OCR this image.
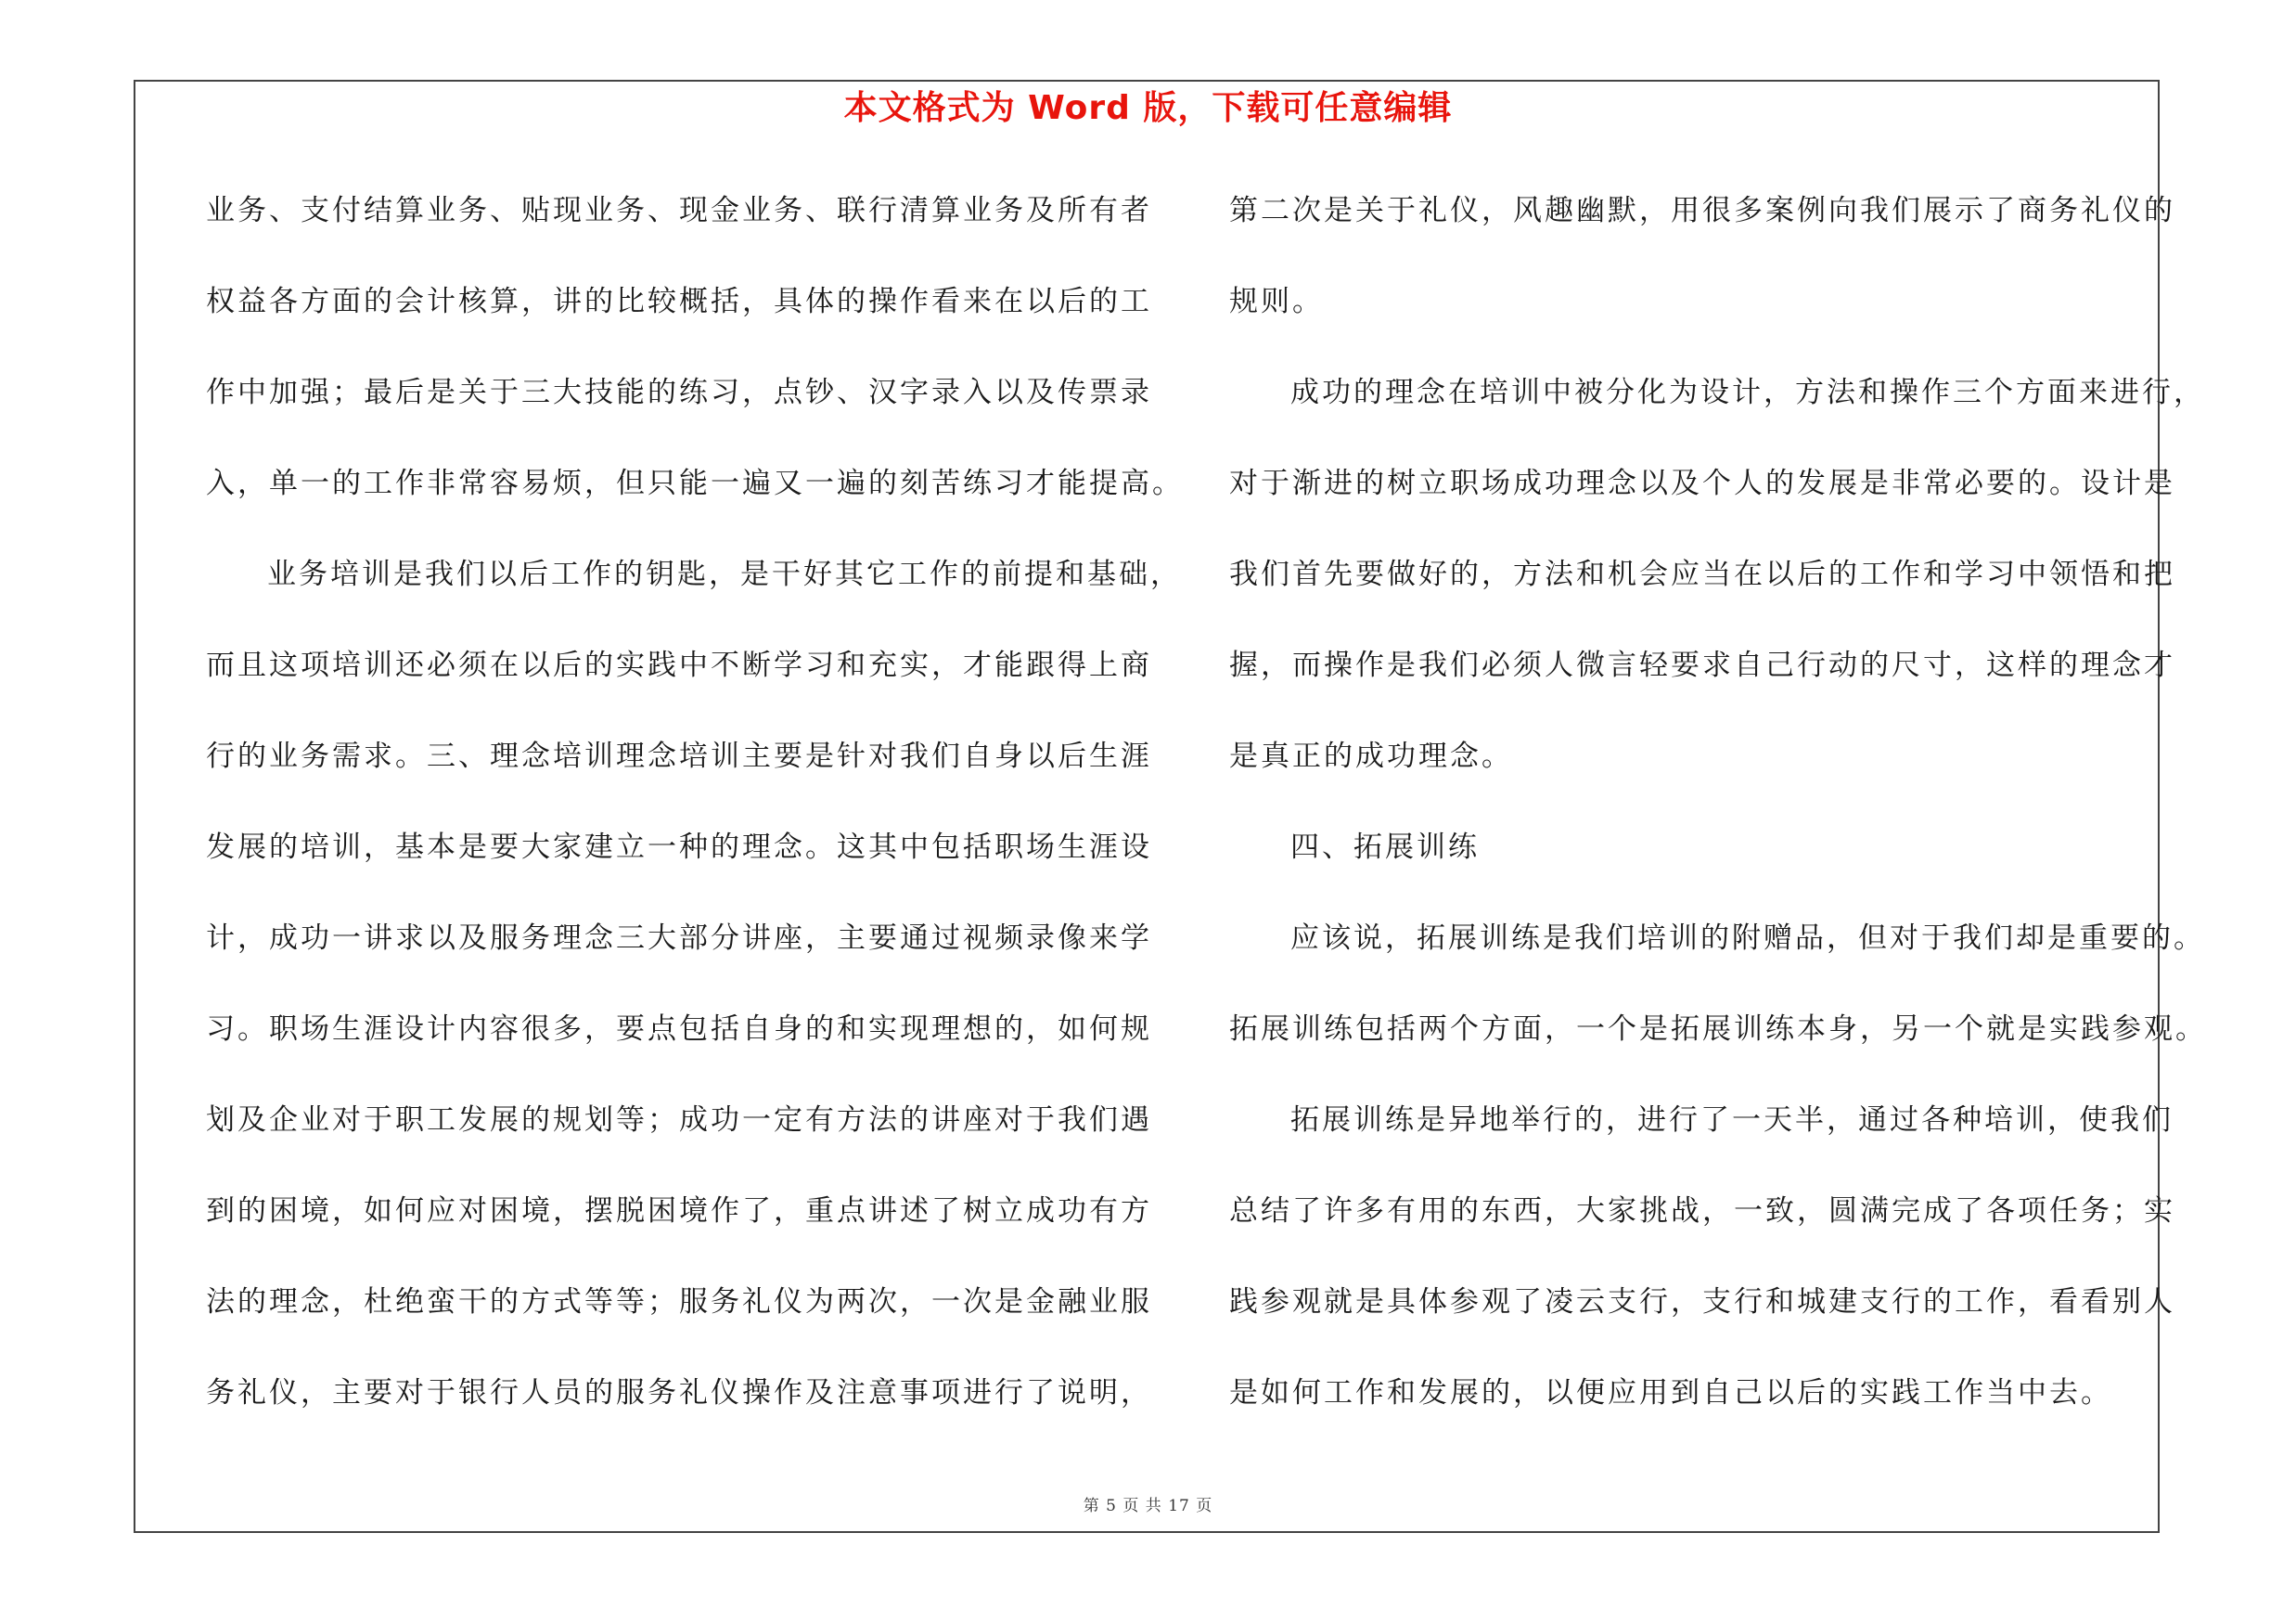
本文格式为 Word 版，下载可任意编辑
业务、支付结算业务、贴现业务、现金业务、联行清算业务及所有者
权益各方面的会计核算，讲的比较概括，具体的操作看来在以后的工
作中加强；最后是关于三大技能的练习，点钞、汉字录入以及传票录
入，单一的工作非常容易烦，但只能一遍又一遍的刻苦练习才能提高。
业务培训是我们以后工作的钥匙，是干好其它工作的前提和基础，
而且这项培训还必须在以后的实践中不断学习和充实，才能跟得上商
行的业务需求。三、理念培训理念培训主要是针对我们自身以后生涯
发展的培训，基本是要大家建立一种的理念。这其中包括职场生涯设
计，成功一讲求以及服务理念三大部分讲座，主要通过视频录像来学
习。职场生涯设计内容很多，要点包括自身的和实现理想的，如何规
划及企业对于职工发展的规划等；成功一定有方法的讲座对于我们遇
到的困境，如何应对困境，摆脱困境作了，重点讲述了树立成功有方
法的理念，杜绝蛮干的方式等等；服务礼仪为两次，一次是金融业服
务礼仪，主要对于银行人员的服务礼仪操作及注意事项进行了说明，
第二次是关于礼仪，风趣幽默，用很多案例向我们展示了商务礼仪的
规则。
成功的理念在培训中被分化为设计，方法和操作三个方面来进行，
对于渐进的树立职场成功理念以及个人的发展是非常必要的。设计是
我们首先要做好的，方法和机会应当在以后的工作和学习中领悟和把
握，而操作是我们必须人微言轻要求自己行动的尺寸，这样的理念才
是真正的成功理念。
四、拓展训练
应该说，拓展训练是我们培训的附赠品，但对于我们却是重要的。
拓展训练包括两个方面，一个是拓展训练本身，另一个就是实践参观。
拓展训练是异地举行的，进行了一天半，通过各种培训，使我们
总结了许多有用的东西，大家挑战，一致，圆满完成了各项任务；实
践参观就是具体参观了凌云支行，支行和城建支行的工作，看看别人
是如何工作和发展的，以便应用到自己以后的实践工作当中去。
第 5 页 共 17 页
